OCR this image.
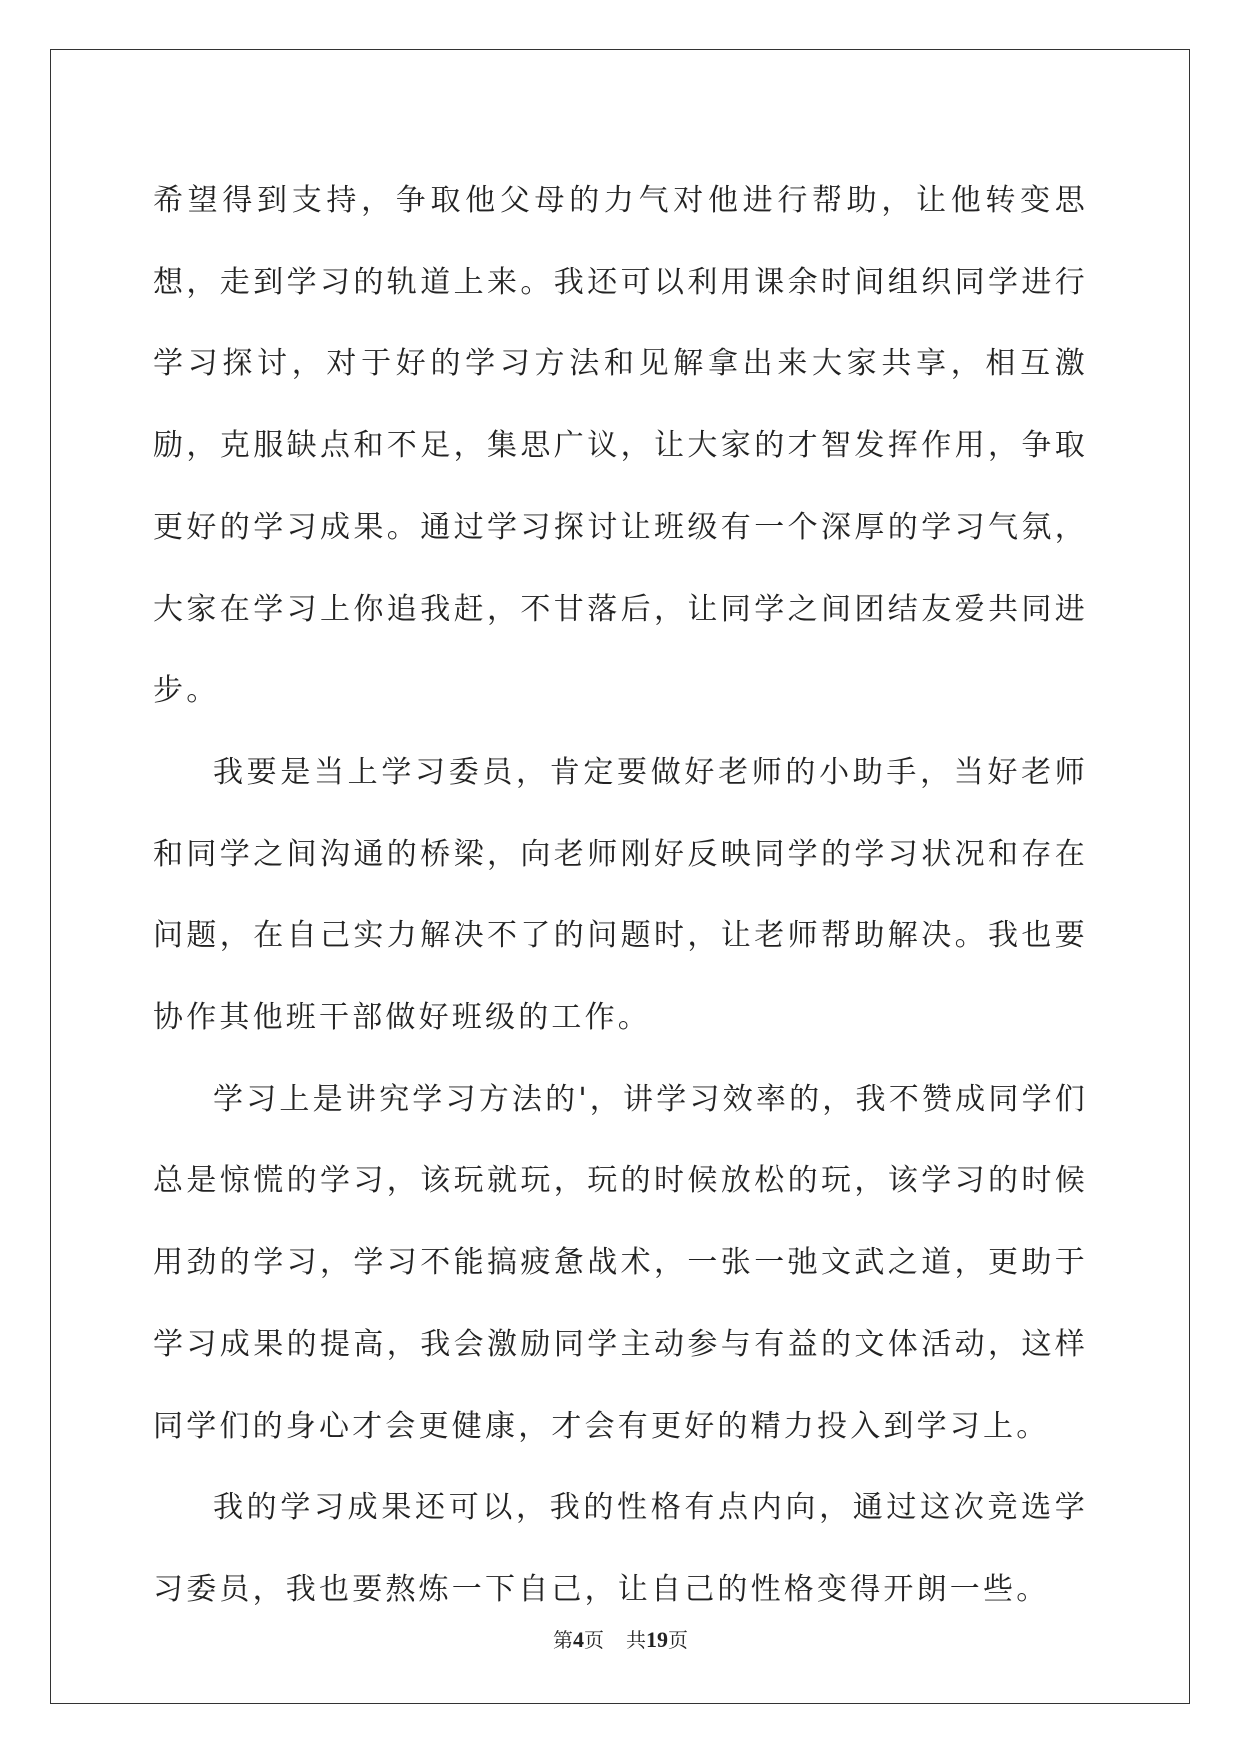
希望得到支持，争取他父母的力气对他进行帮助，让他转变思想，走到学习的轨道上来。我还可以利用课余时间组织同学进行学习探讨，对于好的学习方法和见解拿出来大家共享，相互激励，克服缺点和不足，集思广议，让大家的才智发挥作用，争取更好的学习成果。通过学习探讨让班级有一个深厚的学习气氛，大家在学习上你追我赶，不甘落后，让同学之间团结友爱共同进步。

我要是当上学习委员，肯定要做好老师的小助手，当好老师和同学之间沟通的桥梁，向老师刚好反映同学的学习状况和存在问题，在自己实力解决不了的问题时，让老师帮助解决。我也要协作其他班干部做好班级的工作。

学习上是讲究学习方法的'，讲学习效率的，我不赞成同学们总是惊慌的学习，该玩就玩，玩的时候放松的玩，该学习的时候用劲的学习，学习不能搞疲惫战术，一张一弛文武之道，更助于学习成果的提高，我会激励同学主动参与有益的文体活动，这样同学们的身心才会更健康，才会有更好的精力投入到学习上。

我的学习成果还可以，我的性格有点内向，通过这次竞选学习委员，我也要熬炼一下自己，让自己的性格变得开朗一些。

第4页 共19页
